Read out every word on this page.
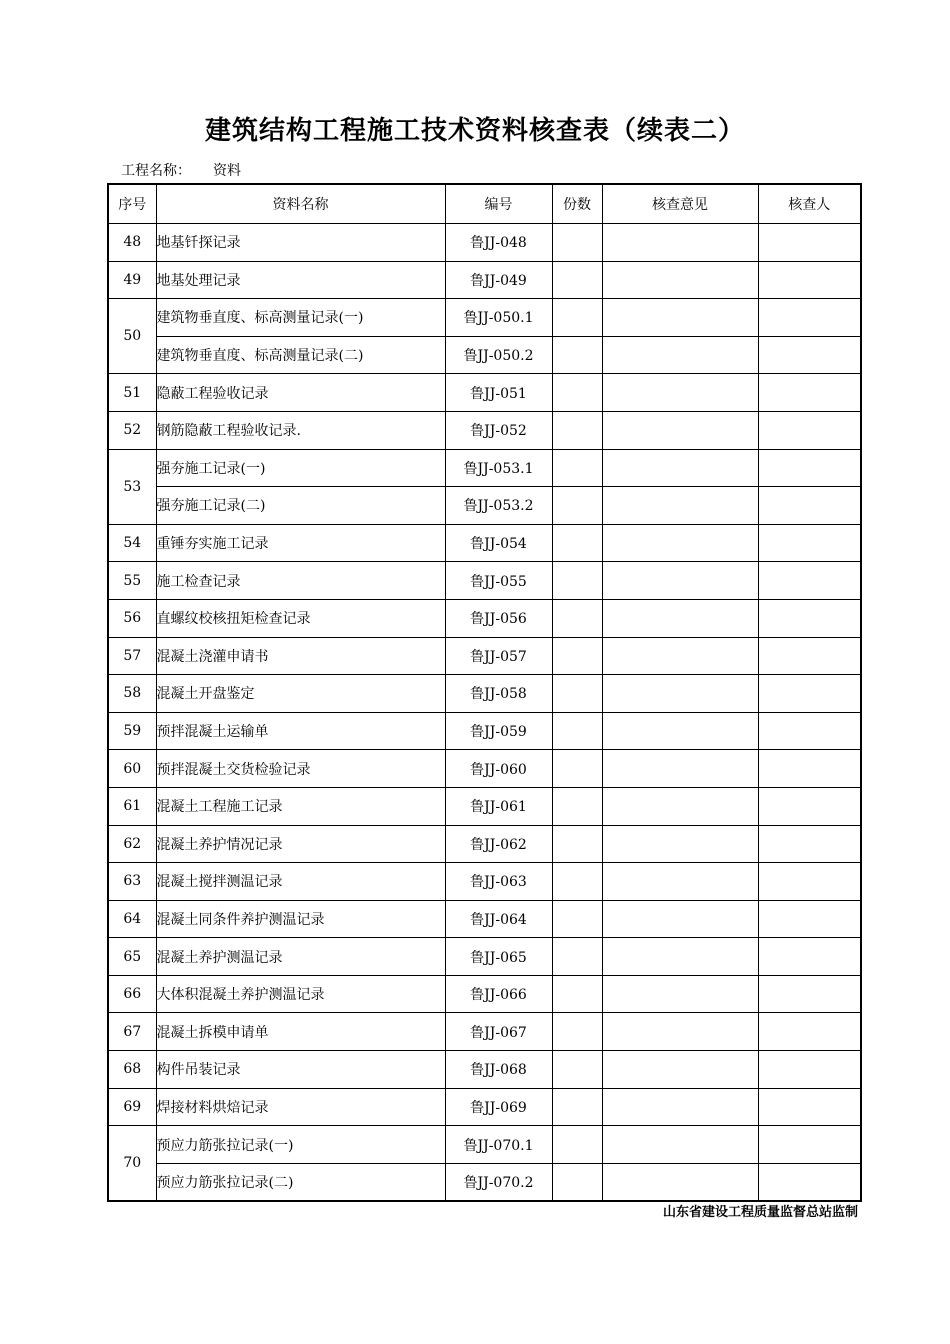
建筑结构工程施工技术资料核查表（续表二）
工程名称： 资料
序号	资料名称	编号	份数	核查意见	核查人
48	地基钎探记录	鲁JJ-048			
49	地基处理记录	鲁JJ-049			
50	建筑物垂直度、标高测量记录(一)	鲁JJ-050.1			
	建筑物垂直度、标高测量记录(二)	鲁JJ-050.2			
51	隐蔽工程验收记录	鲁JJ-051			
52	钢筋隐蔽工程验收记录.	鲁JJ-052			
53	强夯施工记录(一)	鲁JJ-053.1			
	强夯施工记录(二)	鲁JJ-053.2			
54	重锤夯实施工记录	鲁JJ-054			
55	施工检查记录	鲁JJ-055			
56	直螺纹校核扭矩检查记录	鲁JJ-056			
57	混凝土浇灌申请书	鲁JJ-057			
58	混凝土开盘鉴定	鲁JJ-058			
59	预拌混凝土运输单	鲁JJ-059			
60	预拌混凝土交货检验记录	鲁JJ-060			
61	混凝土工程施工记录	鲁JJ-061			
62	混凝土养护情况记录	鲁JJ-062			
63	混凝土搅拌测温记录	鲁JJ-063			
64	混凝土同条件养护测温记录	鲁JJ-064			
65	混凝土养护测温记录	鲁JJ-065			
66	大体积混凝土养护测温记录	鲁JJ-066			
67	混凝土拆模申请单	鲁JJ-067			
68	构件吊装记录	鲁JJ-068			
69	焊接材料烘焙记录	鲁JJ-069			
70	预应力筋张拉记录(一)	鲁JJ-070.1			
	预应力筋张拉记录(二)	鲁JJ-070.2			
山东省建设工程质量监督总站监制
